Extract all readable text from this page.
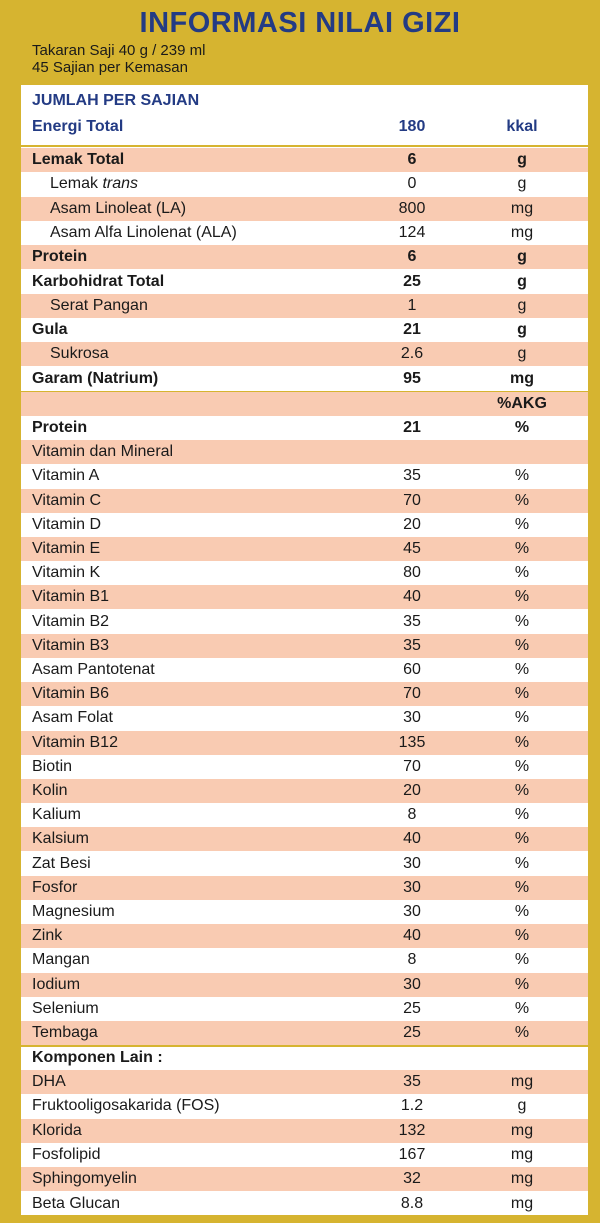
INFORMASI NILAI GIZI
Takaran Saji 40 g / 239 ml
45 Sajian per Kemasan
JUMLAH PER SAJIAN
Energi Total	180	kkal
Lemak Total	6	g
Lemak trans	0	g
Asam Linoleat (LA)	800	mg
Asam Alfa Linolenat (ALA)	124	mg
Protein	6	g
Karbohidrat Total	25	g
Serat Pangan	1	g
Gula	21	g
Sukrosa	2.6	g
Garam (Natrium)	95	mg
%AKG
Protein	21	%
Vitamin dan Mineral
Vitamin A	35	%
Vitamin C	70	%
Vitamin D	20	%
Vitamin E	45	%
Vitamin K	80	%
Vitamin B1	40	%
Vitamin B2	35	%
Vitamin B3	35	%
Asam Pantotenat	60	%
Vitamin B6	70	%
Asam Folat	30	%
Vitamin B12	135	%
Biotin	70	%
Kolin	20	%
Kalium	8	%
Kalsium	40	%
Zat Besi	30	%
Fosfor	30	%
Magnesium	30	%
Zink	40	%
Mangan	8	%
Iodium	30	%
Selenium	25	%
Tembaga	25	%
Komponen Lain :
DHA	35	mg
Fruktooligosakarida (FOS)	1.2	g
Klorida	132	mg
Fosfolipid	167	mg
Sphingomyelin	32	mg
Beta Glucan	8.8	mg
